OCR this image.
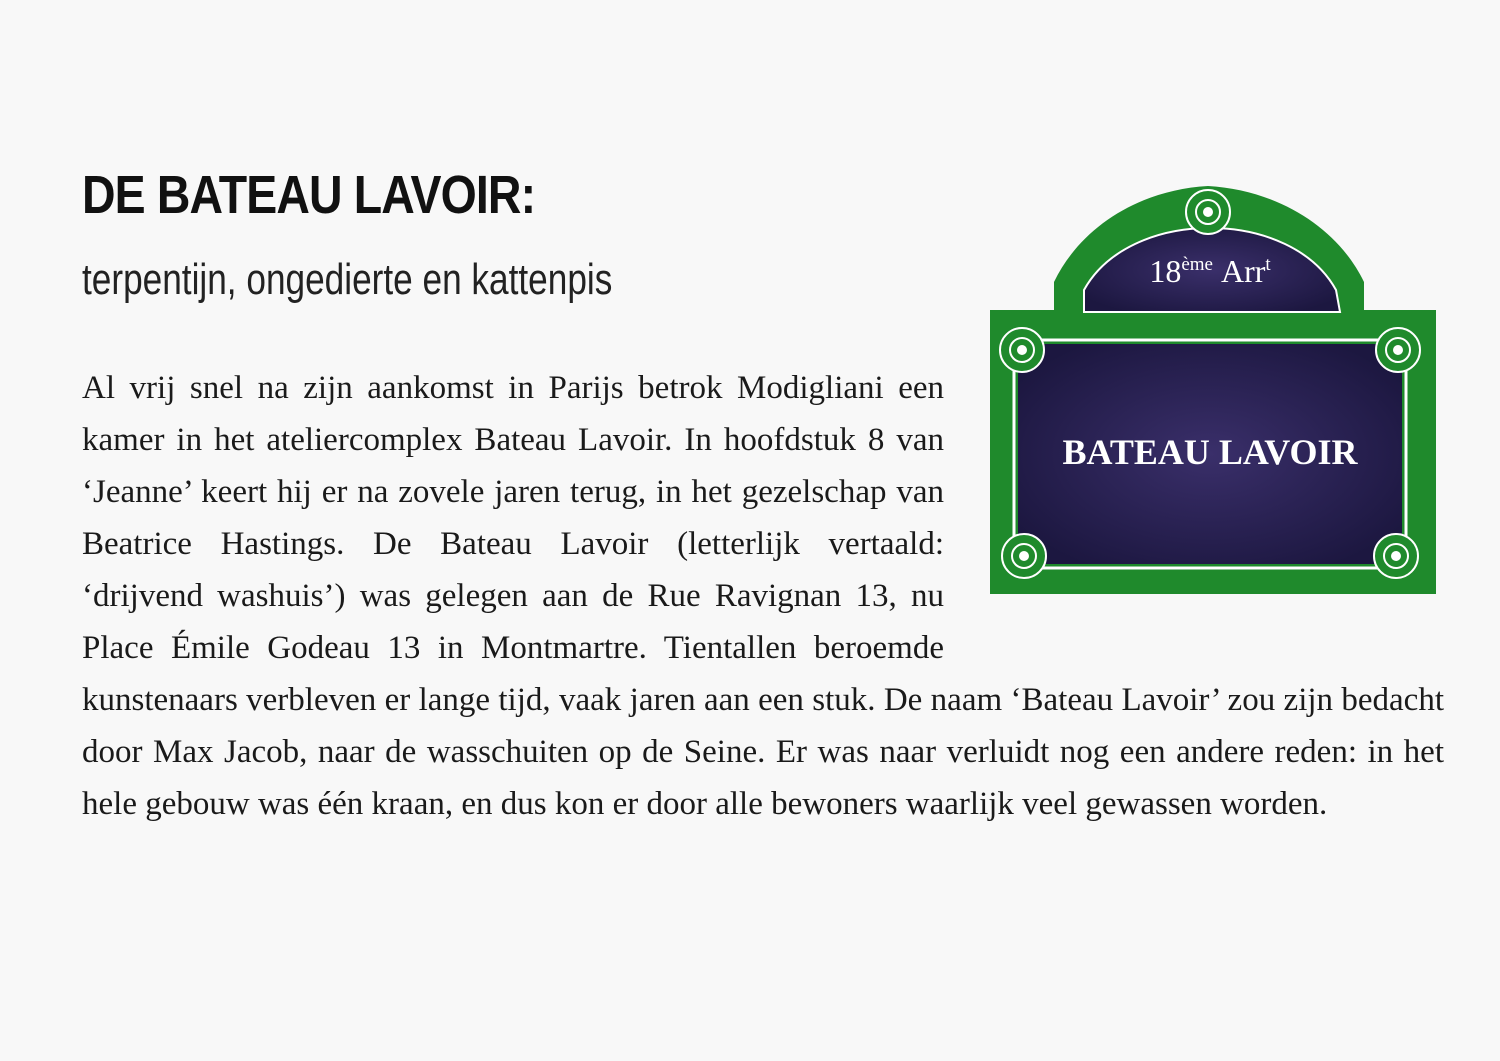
DE BATEAU LAVOIR:
terpentijn, ongedierte en kattenpis
Al vrij snel na zijn aankomst in Parijs betrok Modigliani een kamer in het ateliercomplex Bateau Lavoir. In hoofdstuk 8 van ‘Jeanne’ keert hij er na zovele jaren terug, in het gezelschap van Beatrice Hastings. De Bateau Lavoir (letterlijk vertaald: ‘drijvend washuis’) was gelegen aan de Rue Ravignan 13, nu Place Émile Godeau 13 in Montmartre. Tientallen beroemde kunstenaars verbleven er lange tijd, vaak jaren aan een stuk. De naam ‘Bateau Lavoir’ zou zijn bedacht door Max Jacob, naar de wasschuiten op de Seine. Er was naar verluidt nog een andere reden: in het hele gebouw was één kraan, en dus kon er door alle bewoners waarlijk veel gewassen worden.
18ème Arr$^t$
BATEAU LAVOIR
